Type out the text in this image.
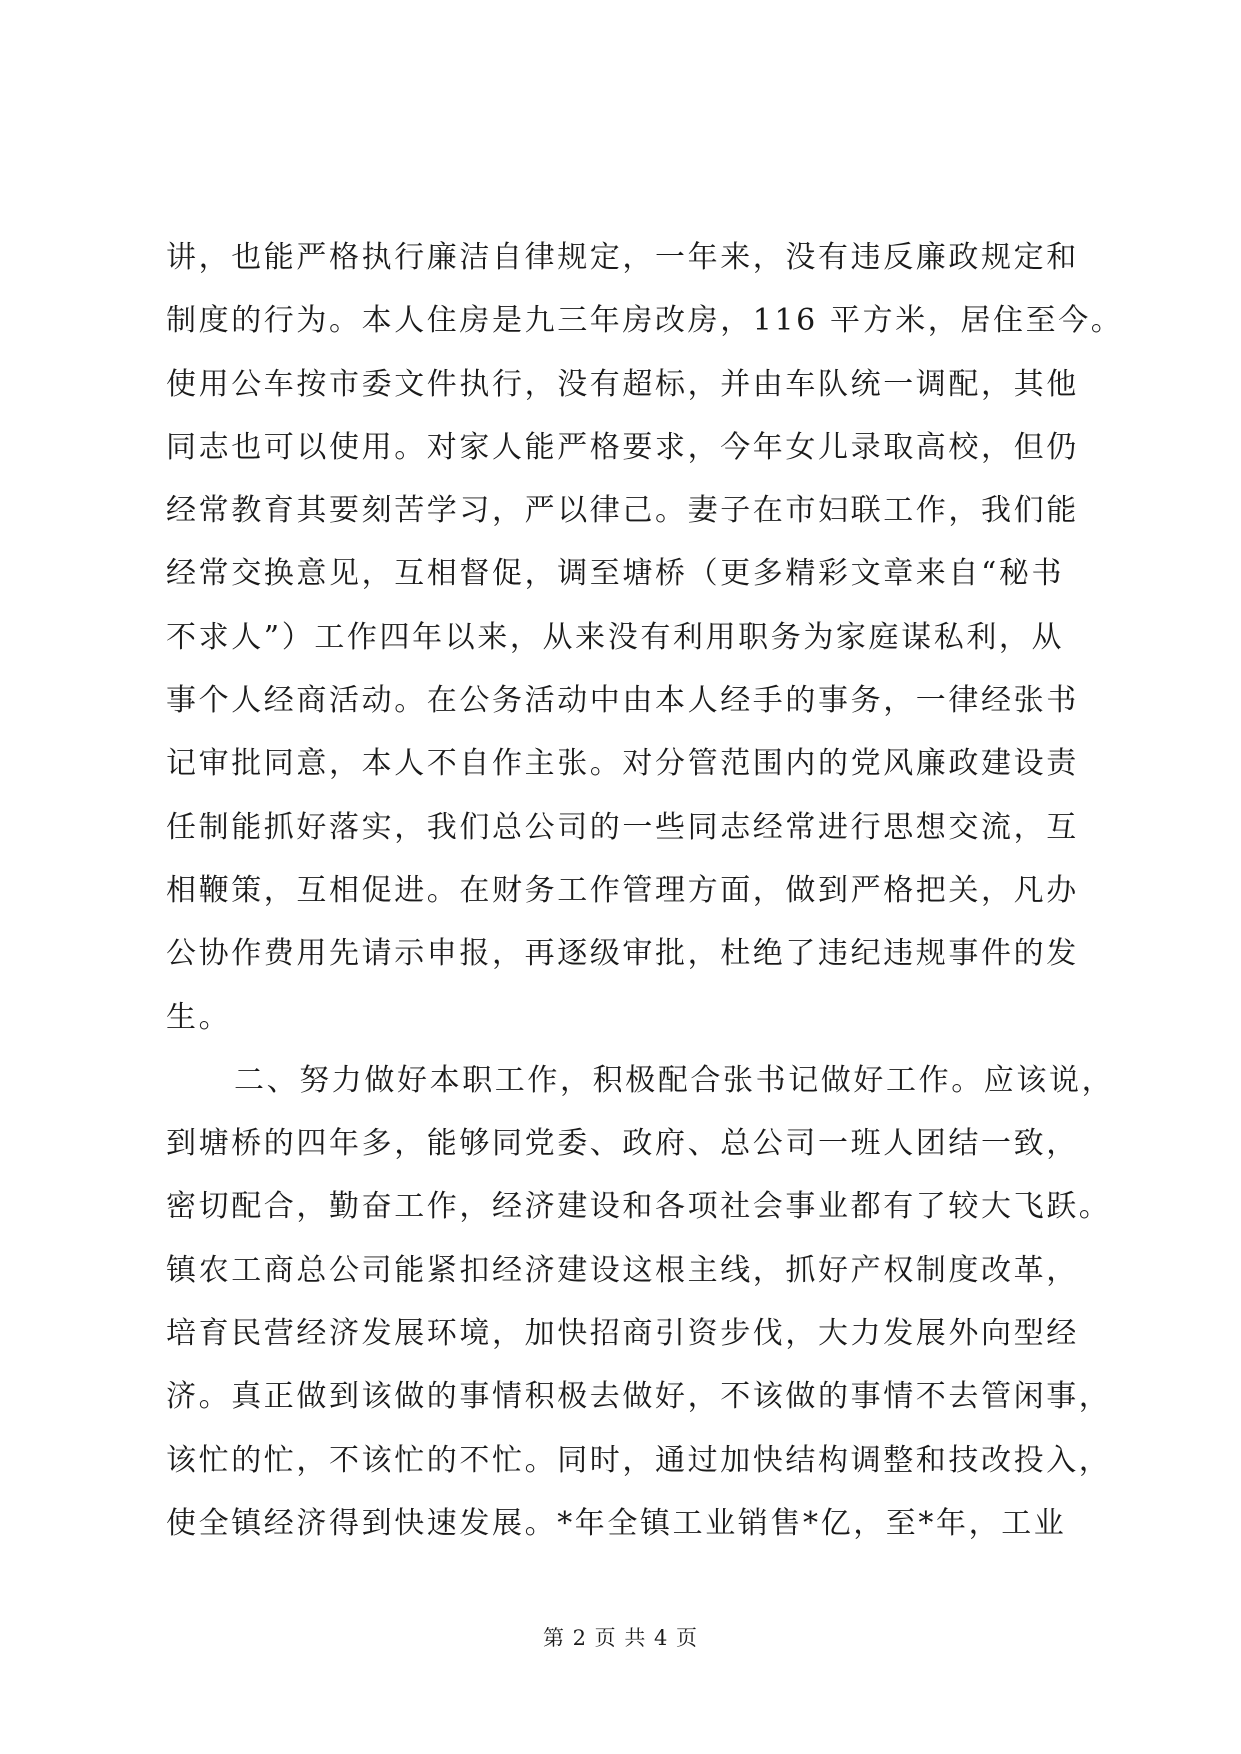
讲，也能严格执行廉洁自律规定，一年来，没有违反廉政规定和
制度的行为。本人住房是九三年房改房，116 平方米，居住至今。
使用公车按市委文件执行，没有超标，并由车队统一调配，其他
同志也可以使用。对家人能严格要求，今年女儿录取高校，但仍
经常教育其要刻苦学习，严以律己。妻子在市妇联工作，我们能
经常交换意见，互相督促，调至塘桥（更多精彩文章来自“秘书
不求人”）工作四年以来，从来没有利用职务为家庭谋私利，从
事个人经商活动。在公务活动中由本人经手的事务，一律经张书
记审批同意，本人不自作主张。对分管范围内的党风廉政建设责
任制能抓好落实，我们总公司的一些同志经常进行思想交流，互
相鞭策，互相促进。在财务工作管理方面，做到严格把关，凡办
公协作费用先请示申报，再逐级审批，杜绝了违纪违规事件的发
生。
二、努力做好本职工作，积极配合张书记做好工作。应该说，
到塘桥的四年多，能够同党委、政府、总公司一班人团结一致，
密切配合，勤奋工作，经济建设和各项社会事业都有了较大飞跃。
镇农工商总公司能紧扣经济建设这根主线，抓好产权制度改革，
培育民营经济发展环境，加快招商引资步伐，大力发展外向型经
济。真正做到该做的事情积极去做好，不该做的事情不去管闲事，
该忙的忙，不该忙的不忙。同时，通过加快结构调整和技改投入，
使全镇经济得到快速发展。*年全镇工业销售*亿，至*年，工业
第 2 页 共 4 页
